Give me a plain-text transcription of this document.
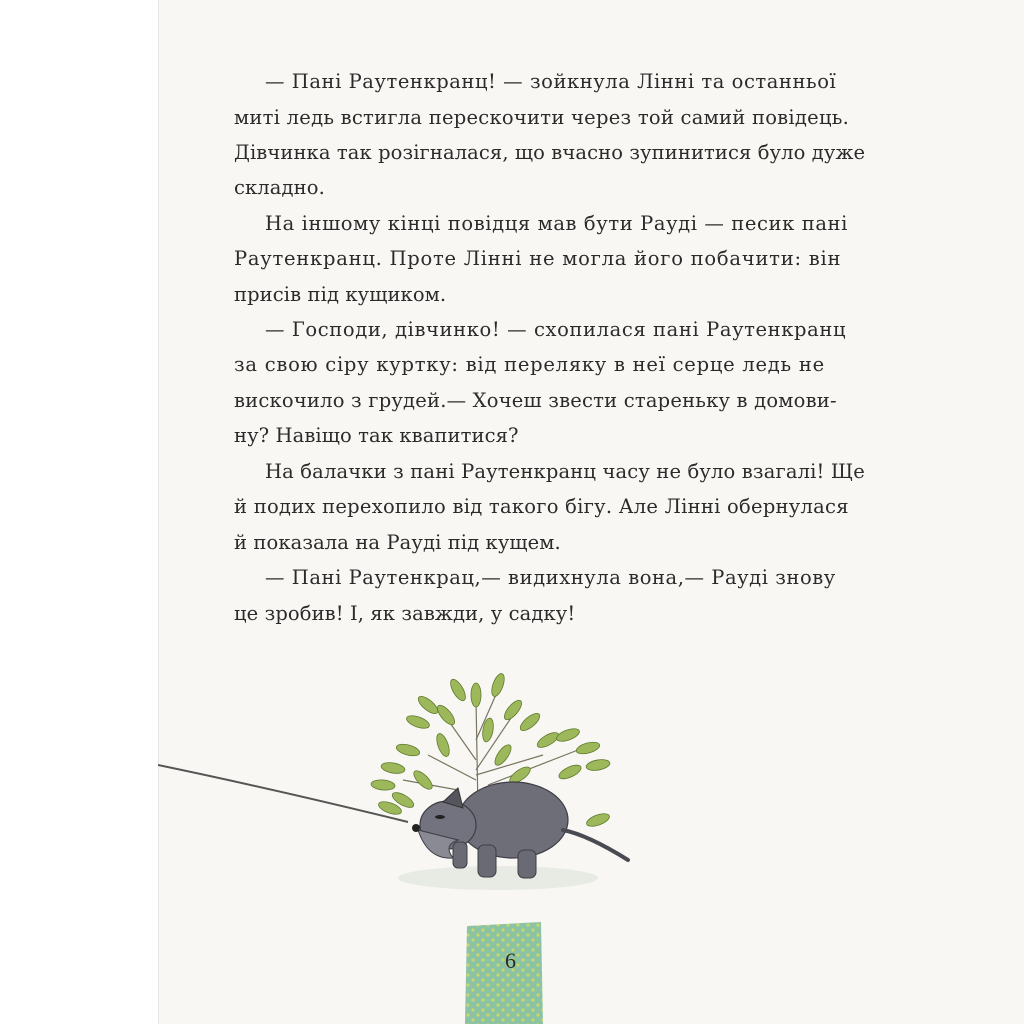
— Пані Раутенкранц! — зойкнула Лінні та останньої
миті ледь встигла перескочити через той самий повідець.
Дівчинка так розігналася, що вчасно зупинитися було дуже
складно.
На іншому кінці повідця мав бути Рауді — песик пані
Раутенкранц. Проте Лінні не могла його побачити: він
присів під кущиком.
— Господи, дівчинко! — схопилася пані Раутенкранц
за свою сіру куртку: від переляку в неї серце ледь не
вискочило з грудей.— Хочеш звести стареньку в домови-
ну? Навіщо так квапитися?
На балачки з пані Раутенкранц часу не було взагалі! Ще
й подих перехопило від такого бігу. Але Лінні обернулася
й показала на Рауді під кущем.
— Пані Раутенкрац,— видихнула вона,— Рауді знову
це зробив! І, як завжди, у садку!
6
